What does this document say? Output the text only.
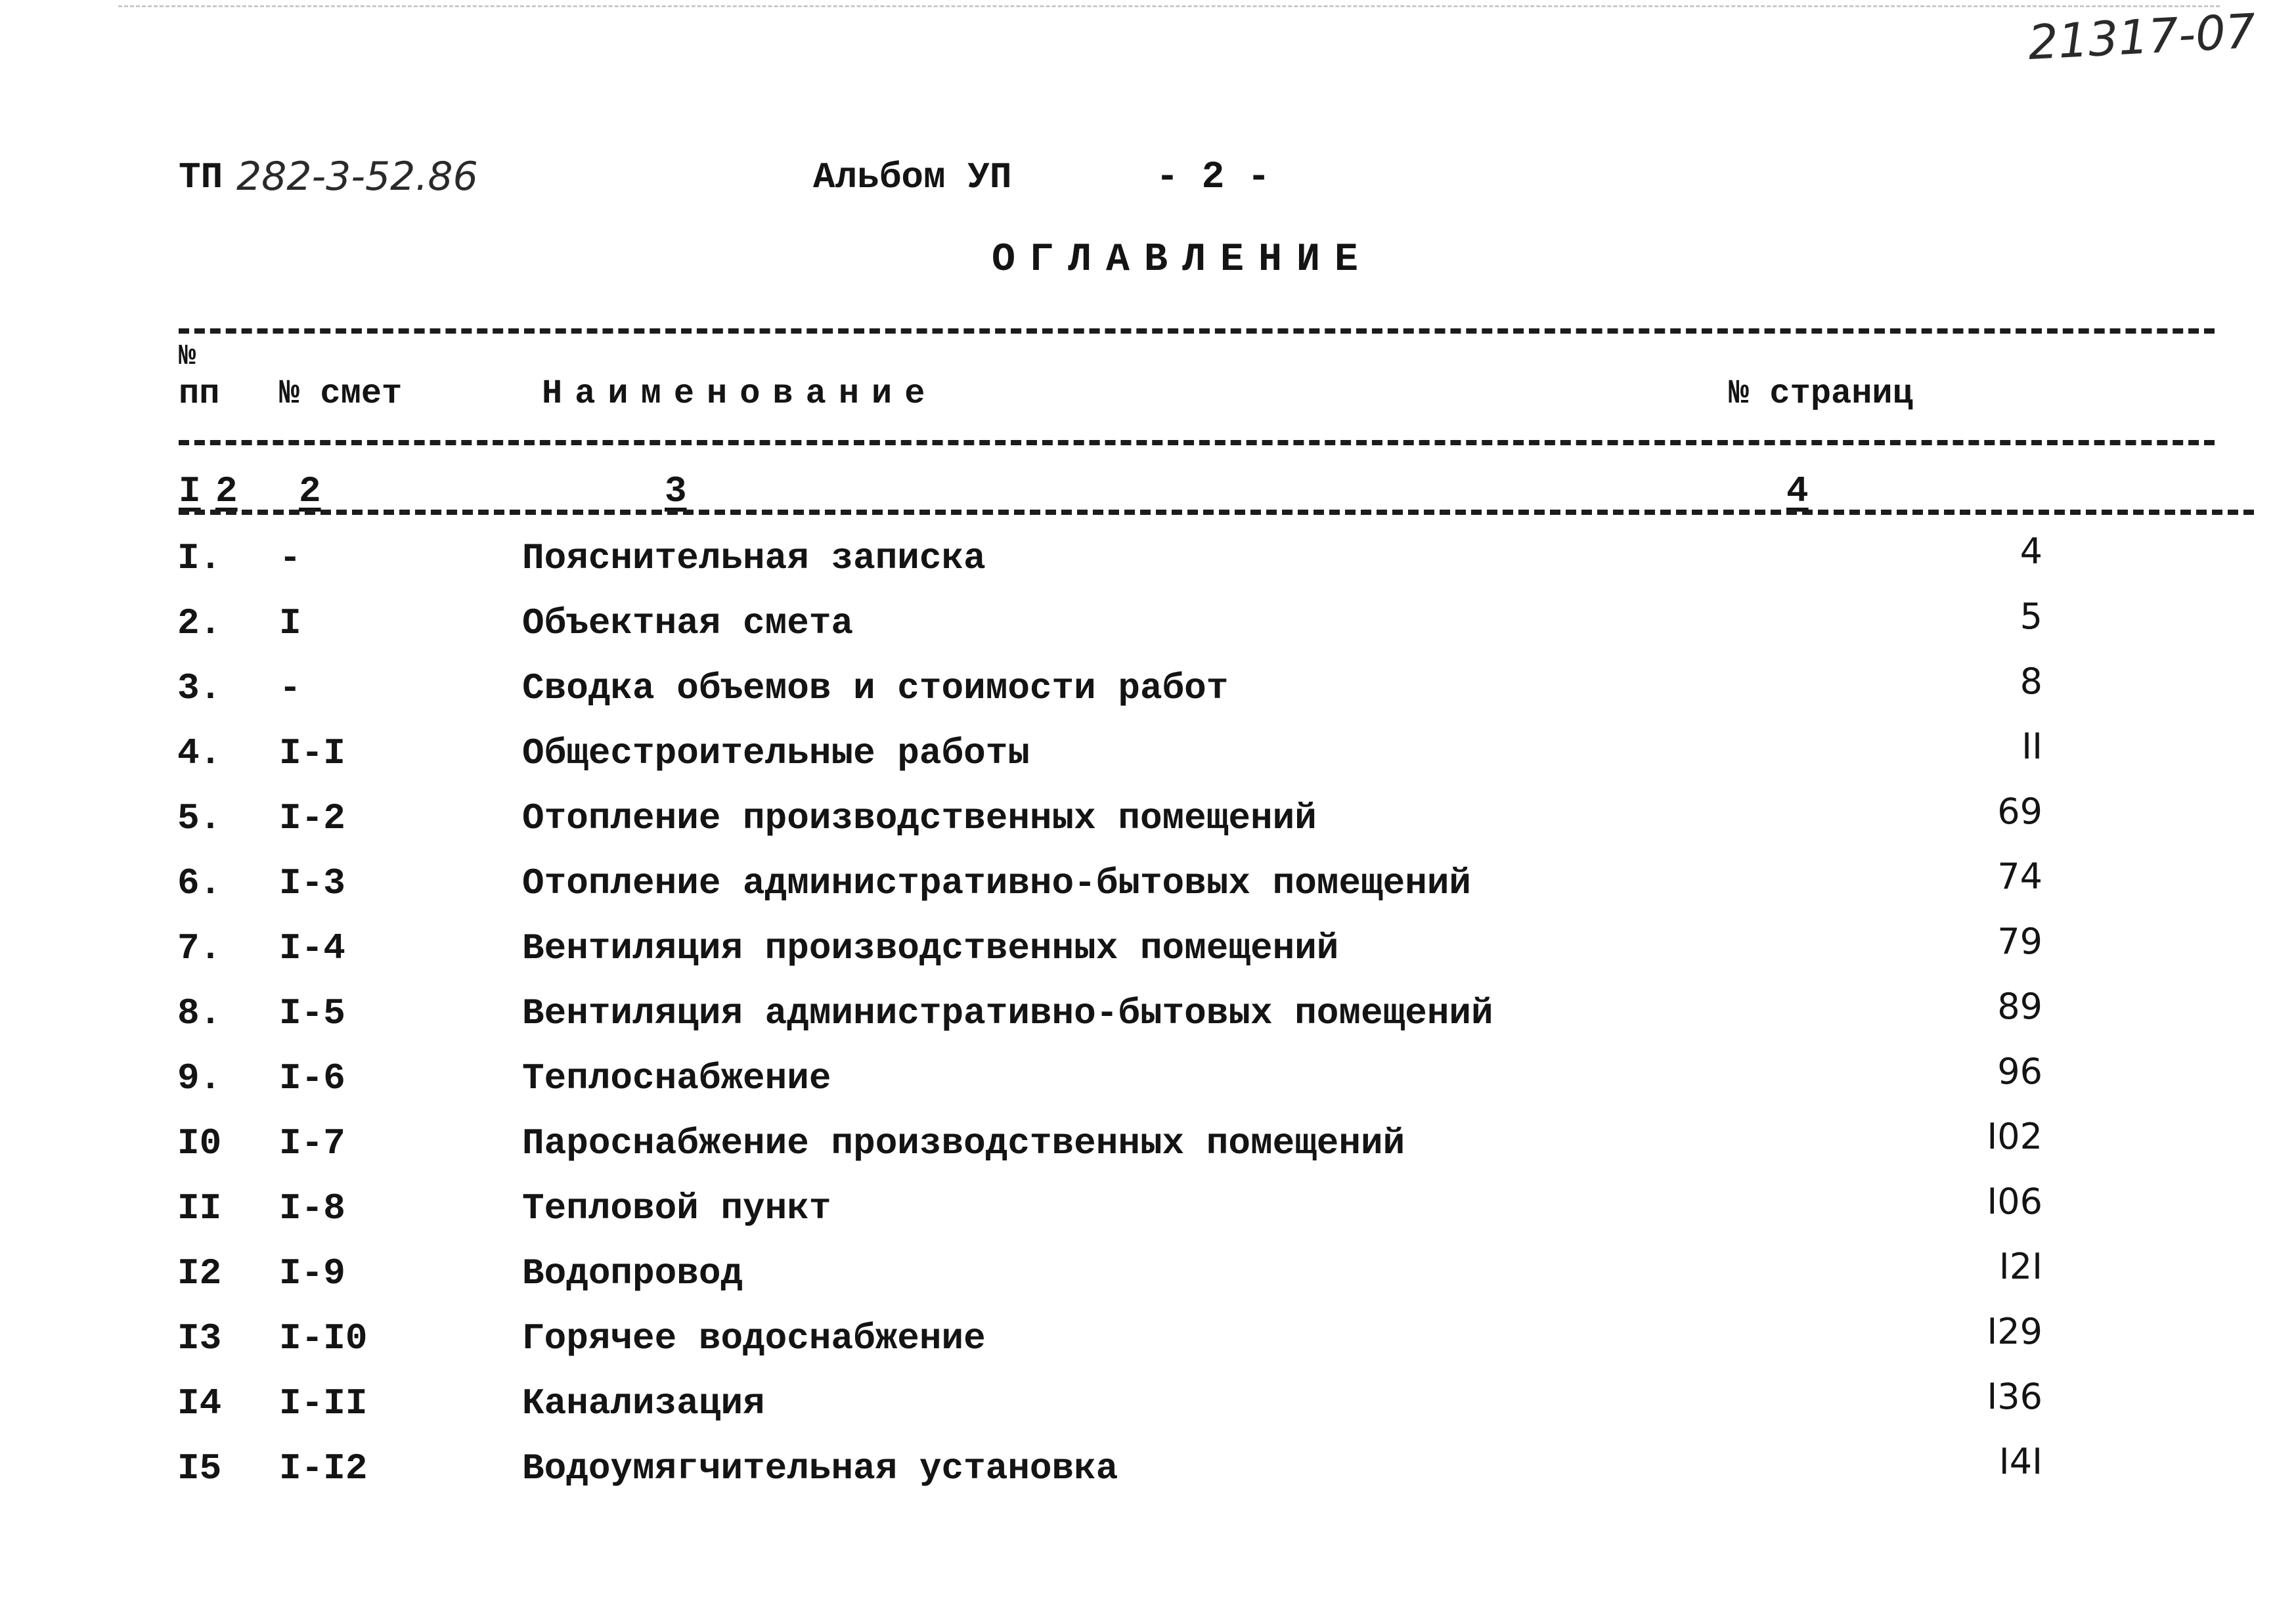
21317-07
ТП 282-3-52.86	Альбом УП	- 2 -
ОГЛАВЛЕНИЕ
№
пп № смет	Наименование	№ страниц
I 2 2	3	4
I. -	Пояснительная записка	4
2. I	Объектная смета	5
3. -	Сводка объемов и стоимости работ	8
4. I-I	Общестроительные работы	II
5. I-2	Отопление производственных помещений	69
6. I-3	Отопление административно-бытовых помещений	74
7. I-4	Вентиляция производственных помещений	79
8. I-5	Вентиляция административно-бытовых помещений	89
9. I-6	Теплоснабжение	96
I0 I-7	Пароснабжение производственных помещений	I02
II I-8	Тепловой пункт	I06
I2 I-9	Водопровод	I2I
I3 I-I0	Горячее водоснабжение	I29
I4 I-II	Канализация	I36
I5 I-I2	Водоумягчительная установка	I4I
